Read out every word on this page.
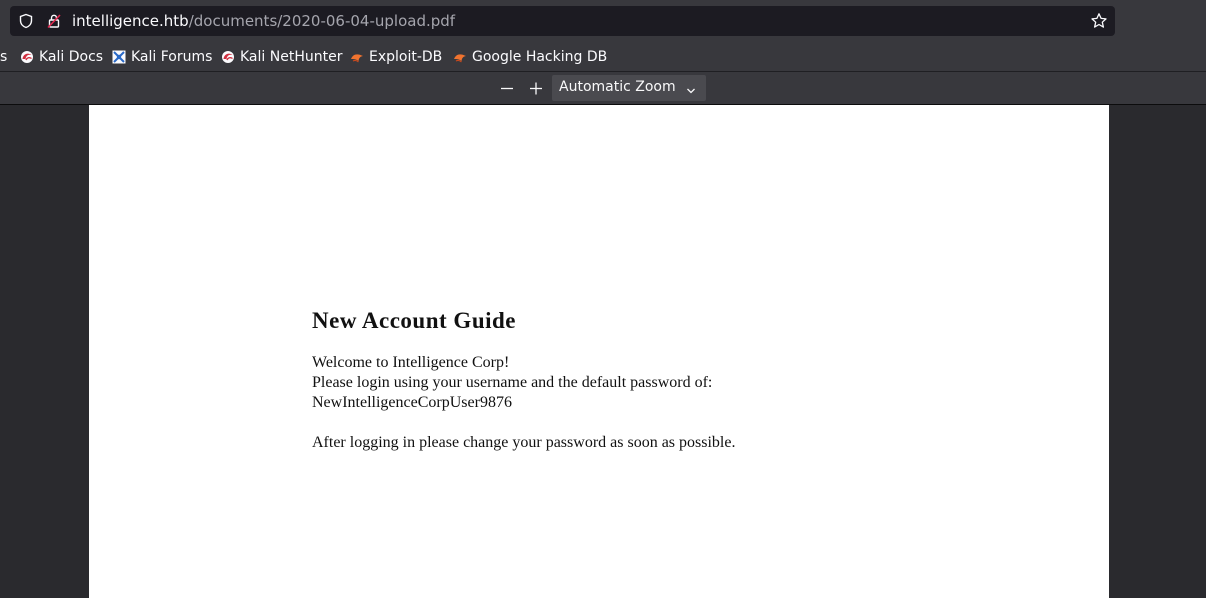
intelligence.htb/documents/2020-06-04-upload.pdf
s Kali Docs Kali Forums Kali NetHunter Exploit-DB Google Hacking DB
Automatic Zoom
New Account Guide

Welcome to Intelligence Corp!

Please login using your username and the default password of:

NewIntelligenceCorpUser9876

After logging in please change your password as soon as possible.
